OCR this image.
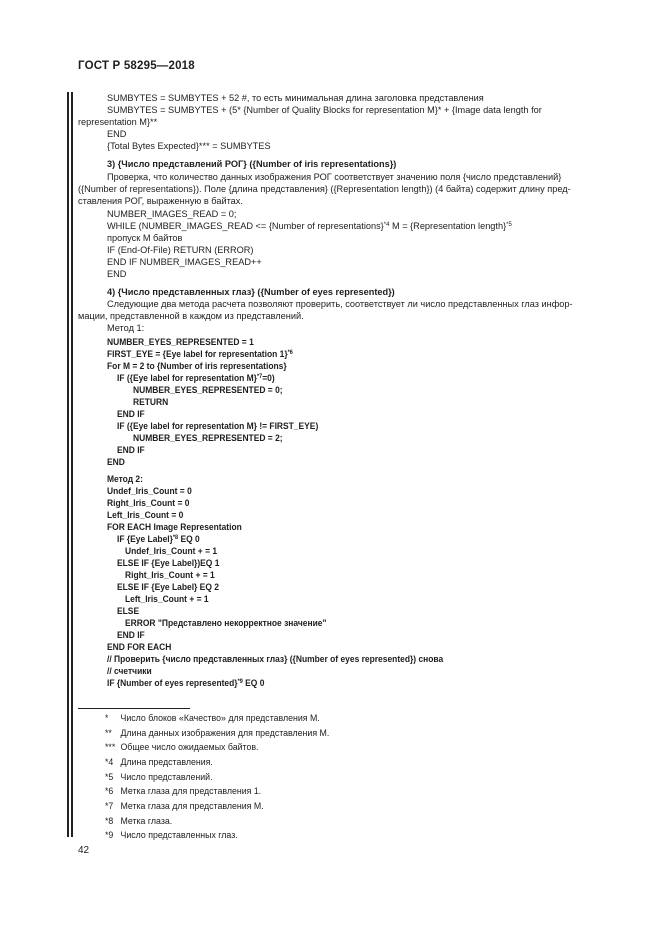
ГОСТ Р 58295—2018
SUMBYTES = SUMBYTES + 52 #, то есть минимальная длина заголовка представления
SUMBYTES = SUMBYTES + (5* {Number of Quality Blocks for representation M}* + {Image data length for
representation M}**
END
{Total Bytes Expected}*** = SUMBYTES
3) {Число представлений РОГ} ({Number of iris representations})
Проверка, что количество данных изображения РОГ соответствует значению поля {число представлений}
({Number of representations}). Поле {длина представления} ({Representation length}) (4 байта) содержит длину пред-
ставления РОГ, выраженную в байтах.
NUMBER_IMAGES_READ = 0;
WHILE (NUMBER_IMAGES_READ <= {Number of representations}$^{*4}$ M = {Representation length}$^{*5}$
пропуск M байтов
IF (End-Of-File) RETURN (ERROR)
END IF NUMBER_IMAGES_READ++
END
4) {Число представленных глаз} ({Number of eyes represented})
Следующие два метода расчета позволяют проверить, соответствует ли число представленных глаз инфор-
мации, представленной в каждом из представлений.
Метод 1:
NUMBER_EYES_REPRESENTED = 1
FIRST_EYE = {Eye label for representation 1}$^{*6}$
For M = 2 to {Number of iris representations}
IF ({Eye label for representation M}$^{*7}$=0)
NUMBER_EYES_REPRESENTED = 0;
RETURN
END IF
IF ({Eye label for representation M} != FIRST_EYE)
NUMBER_EYES_REPRESENTED = 2;
END IF
END
Метод 2:
Undef_Iris_Count = 0
Right_Iris_Count = 0
Left_Iris_Count = 0
FOR EACH Image Representation
IF {Eye Label}$^{*8}$ EQ 0
Undef_Iris_Count + = 1
ELSE IF {Eye Label})EQ 1
Right_Iris_Count + = 1
ELSE IF {Eye Label} EQ 2
Left_Iris_Count + = 1
ELSE
ERROR "Представлено некорректное значение"
END IF
END FOR EACH
// Проверить {число представленных глаз} ({Number of eyes represented}) снова
// счетчики
IF {Number of eyes represented}$^{*9}$ EQ 0
* Число блоков «Качество» для представления M.
** Длина данных изображения для представления M.
*** Общее число ожидаемых байтов.
*4 Длина представления.
*5 Число представлений.
*6 Метка глаза для представления 1.
*7 Метка глаза для представления M.
*8 Метка глаза.
*9 Число представленных глаз.
42
